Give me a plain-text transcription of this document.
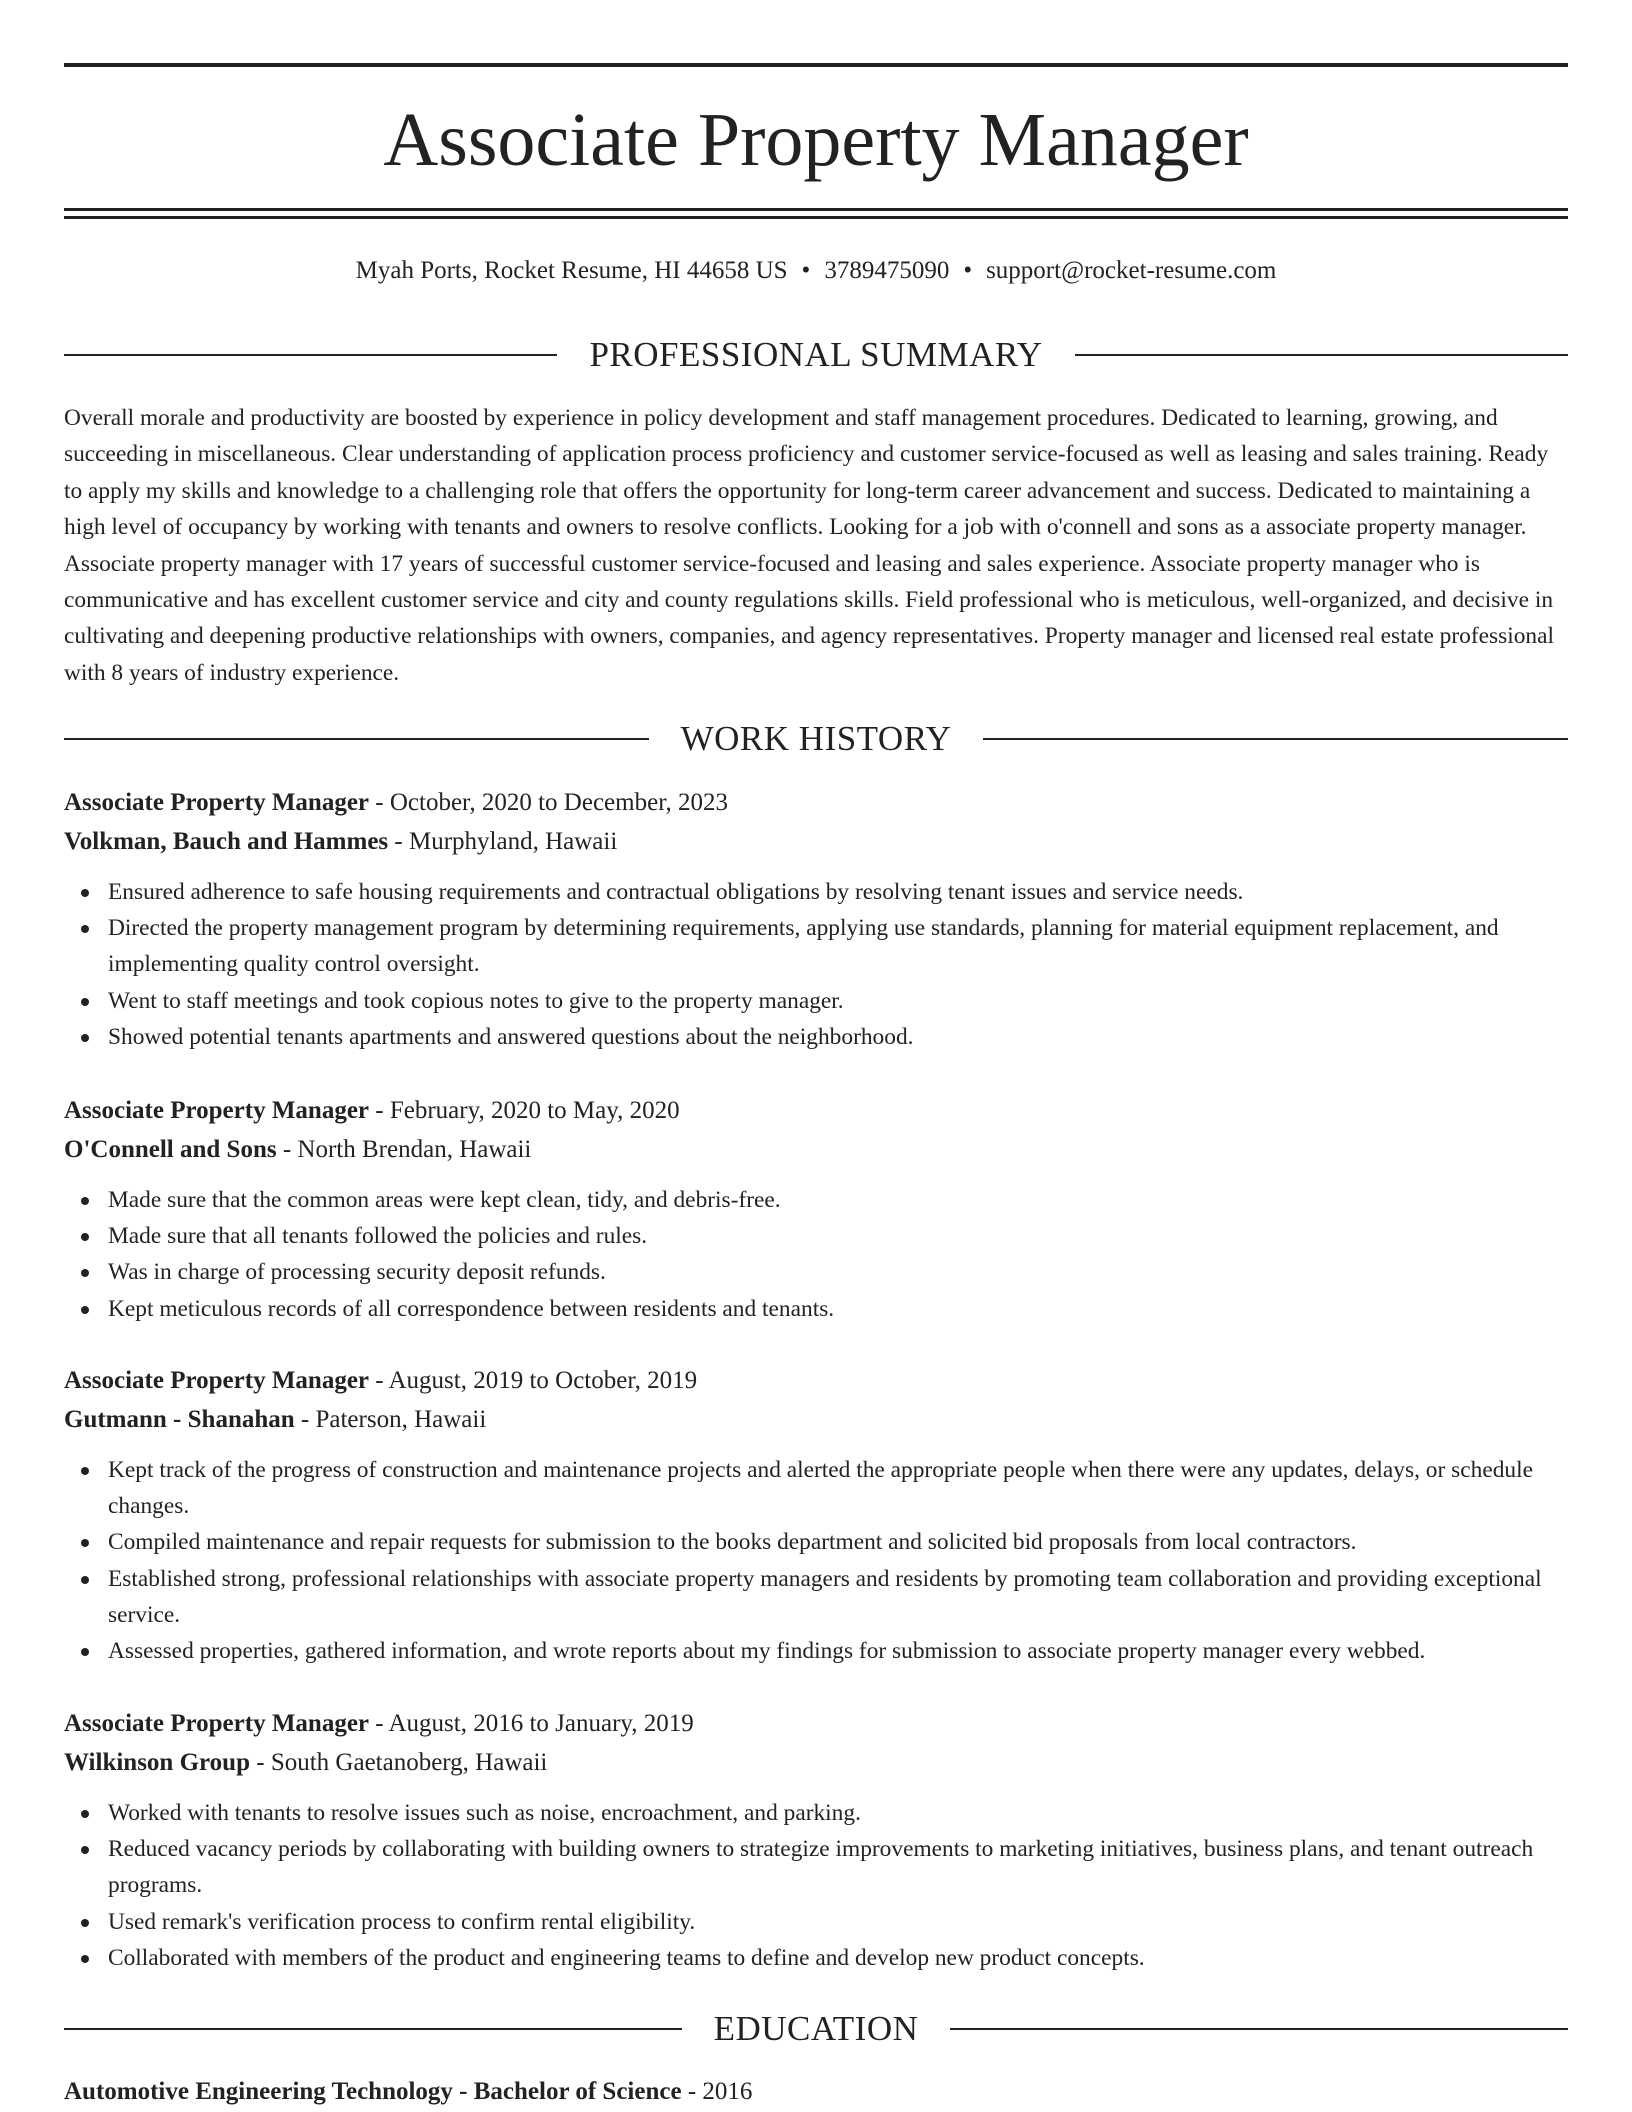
Associate Property Manager
Myah Ports, Rocket Resume, HI 44658 US • 3789475090 • support@rocket-resume.com
PROFESSIONAL SUMMARY

Overall morale and productivity are boosted by experience in policy development and staff management procedures. Dedicated to learning, growing, and succeeding in miscellaneous. Clear understanding of application process proficiency and customer service-focused as well as leasing and sales training. Ready to apply my skills and knowledge to a challenging role that offers the opportunity for long-term career advancement and success. Dedicated to maintaining a high level of occupancy by working with tenants and owners to resolve conflicts. Looking for a job with o'connell and sons as a associate property manager. Associate property manager with 17 years of successful customer service-focused and leasing and sales experience. Associate property manager who is communicative and has excellent customer service and city and county regulations skills. Field professional who is meticulous, well-organized, and decisive in cultivating and deepening productive relationships with owners, companies, and agency representatives. Property manager and licensed real estate professional with 8 years of industry experience.

WORK HISTORY

Associate Property Manager - October, 2020 to December, 2023

Volkman, Bauch and Hammes - Murphyland, Hawaii

Ensured adherence to safe housing requirements and contractual obligations by resolving tenant issues and service needs.
Directed the property management program by determining requirements, applying use standards, planning for material equipment replacement, and implementing quality control oversight.
Went to staff meetings and took copious notes to give to the property manager.
Showed potential tenants apartments and answered questions about the neighborhood.

Associate Property Manager - February, 2020 to May, 2020

O'Connell and Sons - North Brendan, Hawaii

Made sure that the common areas were kept clean, tidy, and debris-free.
Made sure that all tenants followed the policies and rules.
Was in charge of processing security deposit refunds.
Kept meticulous records of all correspondence between residents and tenants.

Associate Property Manager - August, 2019 to October, 2019

Gutmann - Shanahan - Paterson, Hawaii

Kept track of the progress of construction and maintenance projects and alerted the appropriate people when there were any updates, delays, or schedule changes.
Compiled maintenance and repair requests for submission to the books department and solicited bid proposals from local contractors.
Established strong, professional relationships with associate property managers and residents by promoting team collaboration and providing exceptional service.
Assessed properties, gathered information, and wrote reports about my findings for submission to associate property manager every webbed.

Associate Property Manager - August, 2016 to January, 2019

Wilkinson Group - South Gaetanoberg, Hawaii

Worked with tenants to resolve issues such as noise, encroachment, and parking.
Reduced vacancy periods by collaborating with building owners to strategize improvements to marketing initiatives, business plans, and tenant outreach programs.
Used remark's verification process to confirm rental eligibility.
Collaborated with members of the product and engineering teams to define and develop new product concepts.
EDUCATION
Automotive Engineering Technology - Bachelor of Science - 2016
